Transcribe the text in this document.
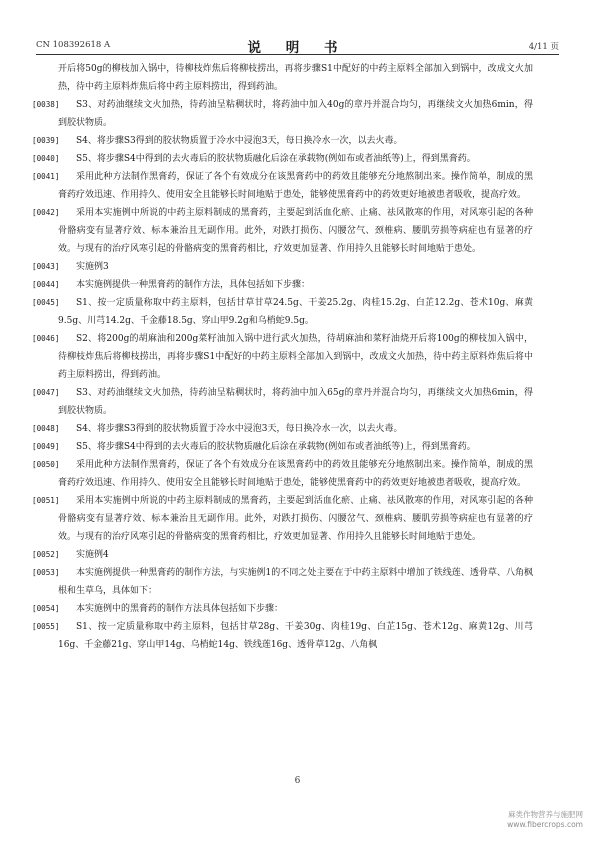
CN 108392618 A	说 明 书	4/11 页
开后将50g的柳枝加入锅中，待柳枝炸焦后将柳枝捞出，再将步骤S1中配好的中药主原料全部加入到锅中，改成文火加热，待中药主原料炸焦后将中药主原料捞出，得到药油。
[0038]	S3、对药油继续文火加热，待药油呈粘稠状时，将药油中加入40g的章丹并混合均匀，再继续文火加热6min，得到胶状物质。
[0039]	S4、将步骤S3得到的胶状物质置于冷水中浸泡3天，每日换冷水一次，以去火毒。
[0040]	S5、将步骤S4中得到的去火毒后的胶状物质融化后涂在承载物(例如布或者油纸等)上，得到黑膏药。
[0041]	采用此种方法制作黑膏药，保证了各个有效成分在该黑膏药中的药效且能够充分地熬制出来。操作简单，制成的黑膏药疗效迅速、作用持久、使用安全且能够长时间地贴于患处，能够使黑膏药中的药效更好地被患者吸收，提高疗效。
[0042]	采用本实施例中所说的中药主原料制成的黑膏药，主要起到活血化瘀、止痛、祛风散寒的作用，对风寒引起的各种骨骼病变有显著疗效、标本兼治且无副作用。此外，对跌打损伤、闪腰岔气、颈椎病、腰肌劳损等病症也有显著的疗效。与现有的治疗风寒引起的骨骼病变的黑膏药相比，疗效更加显著、作用持久且能够长时间地贴于患处。
[0043]	实施例3
[0044]	本实施例提供一种黑膏药的制作方法，具体包括如下步骤：
[0045]	S1、按一定质量称取中药主原料，包括甘草甘草24.5g、干姜25.2g、肉桂15.2g、白芷12.2g、苍术10g、麻黄9.5g、川芎14.2g、千金藤18.5g、穿山甲9.2g和乌梢蛇9.5g。
[0046]	S2、将200g的胡麻油和200g菜籽油加入锅中进行武火加热，待胡麻油和菜籽油烧开后将100g的柳枝加入锅中，待柳枝炸焦后将柳枝捞出，再将步骤S1中配好的中药主原料全部加入到锅中，改成文火加热，待中药主原料炸焦后将中药主原料捞出，得到药油。
[0047]	S3、对药油继续文火加热，待药油呈粘稠状时，将药油中加入65g的章丹并混合均匀，再继续文火加热6min，得到胶状物质。
[0048]	S4、将步骤S3得到的胶状物质置于冷水中浸泡3天，每日换冷水一次，以去火毒。
[0049]	S5、将步骤S4中得到的去火毒后的胶状物质融化后涂在承载物(例如布或者油纸等)上，得到黑膏药。
[0050]	采用此种方法制作黑膏药，保证了各个有效成分在该黑膏药中的药效且能够充分地熬制出来。操作简单，制成的黑膏药疗效迅速、作用持久、使用安全且能够长时间地贴于患处，能够使黑膏药中的药效更好地被患者吸收，提高疗效。
[0051]	采用本实施例中所说的中药主原料制成的黑膏药，主要起到活血化瘀、止痛、祛风散寒的作用，对风寒引起的各种骨骼病变有显著疗效、标本兼治且无副作用。此外，对跌打损伤、闪腰岔气、颈椎病、腰肌劳损等病症也有显著的疗效。与现有的治疗风寒引起的骨骼病变的黑膏药相比，疗效更加显著、作用持久且能够长时间地贴于患处。
[0052]	实施例4
[0053]	本实施例提供一种黑膏药的制作方法，与实施例1的不同之处主要在于中药主原料中增加了铁线莲、透骨草、八角枫根和生草乌，具体如下：
[0054]	本实施例中的黑膏药的制作方法具体包括如下步骤：
[0055]	S1、按一定质量称取中药主原料，包括甘草28g、干姜30g、肉桂19g、白芷15g、苍术12g、麻黄12g、川芎16g、千金藤21g、穿山甲14g、乌梢蛇14g、铁线莲16g、透骨草12g、八角枫
6
麻类作物营养与施肥网
www.fibercrops.com
